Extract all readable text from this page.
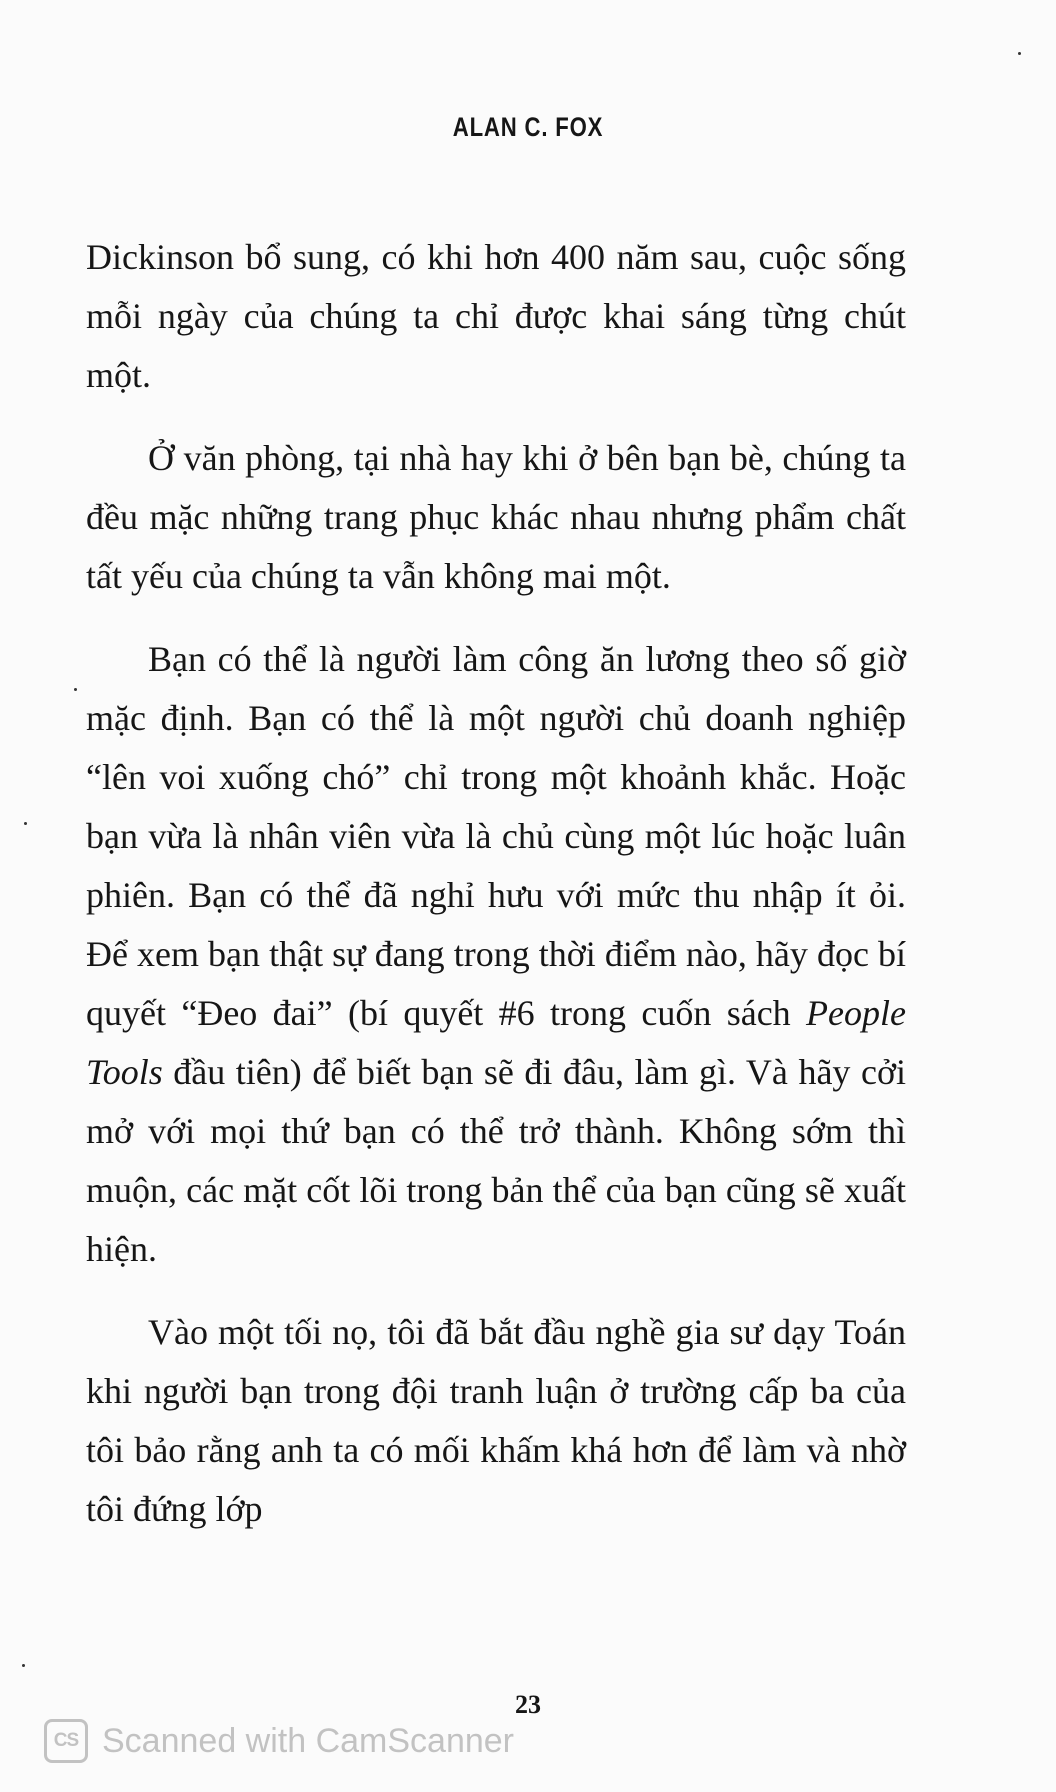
ALAN C. FOX

Dickinson bổ sung, có khi hơn 400 năm sau, cuộc sống mỗi ngày của chúng ta chỉ được khai sáng từng chút một.

Ở văn phòng, tại nhà hay khi ở bên bạn bè, chúng ta đều mặc những trang phục khác nhau nhưng phẩm chất tất yếu của chúng ta vẫn không mai một.

Bạn có thể là người làm công ăn lương theo số giờ mặc định. Bạn có thể là một người chủ doanh nghiệp “lên voi xuống chó” chỉ trong một khoảnh khắc. Hoặc bạn vừa là nhân viên vừa là chủ cùng một lúc hoặc luân phiên. Bạn có thể đã nghỉ hưu với mức thu nhập ít ỏi. Để xem bạn thật sự đang trong thời điểm nào, hãy đọc bí quyết “Đeo đai” (bí quyết #6 trong cuốn sách People Tools đầu tiên) để biết bạn sẽ đi đâu, làm gì. Và hãy cởi mở với mọi thứ bạn có thể trở thành. Không sớm thì muộn, các mặt cốt lõi trong bản thể của bạn cũng sẽ xuất hiện.

Vào một tối nọ, tôi đã bắt đầu nghề gia sư dạy Toán khi người bạn trong đội tranh luận ở trường cấp ba của tôi bảo rằng anh ta có mối khấm khá hơn để làm và nhờ tôi đứng lớp

23
CS Scanned with CamScanner
